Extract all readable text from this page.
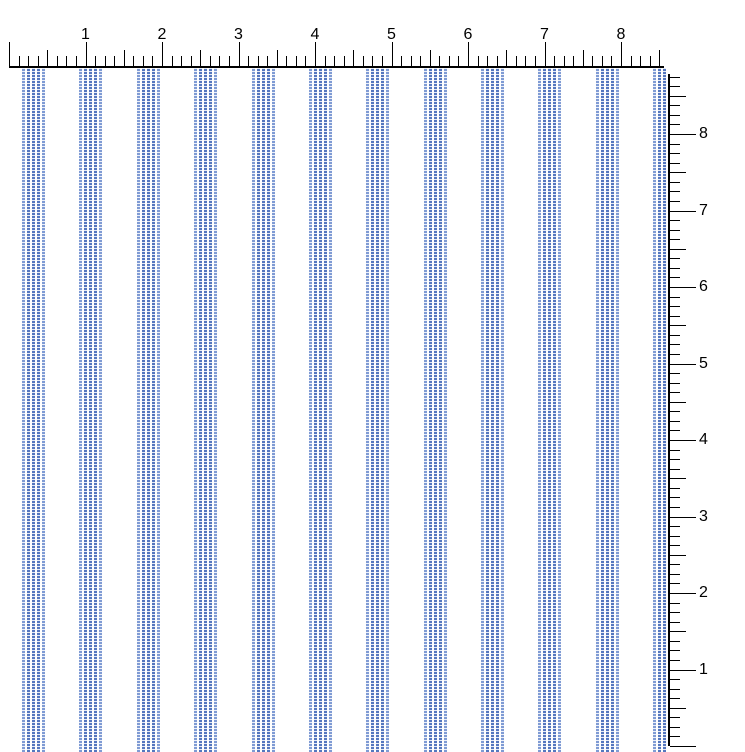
1	2	3	4	5	6	7	8
1
2
3
4
5
6
7
8
